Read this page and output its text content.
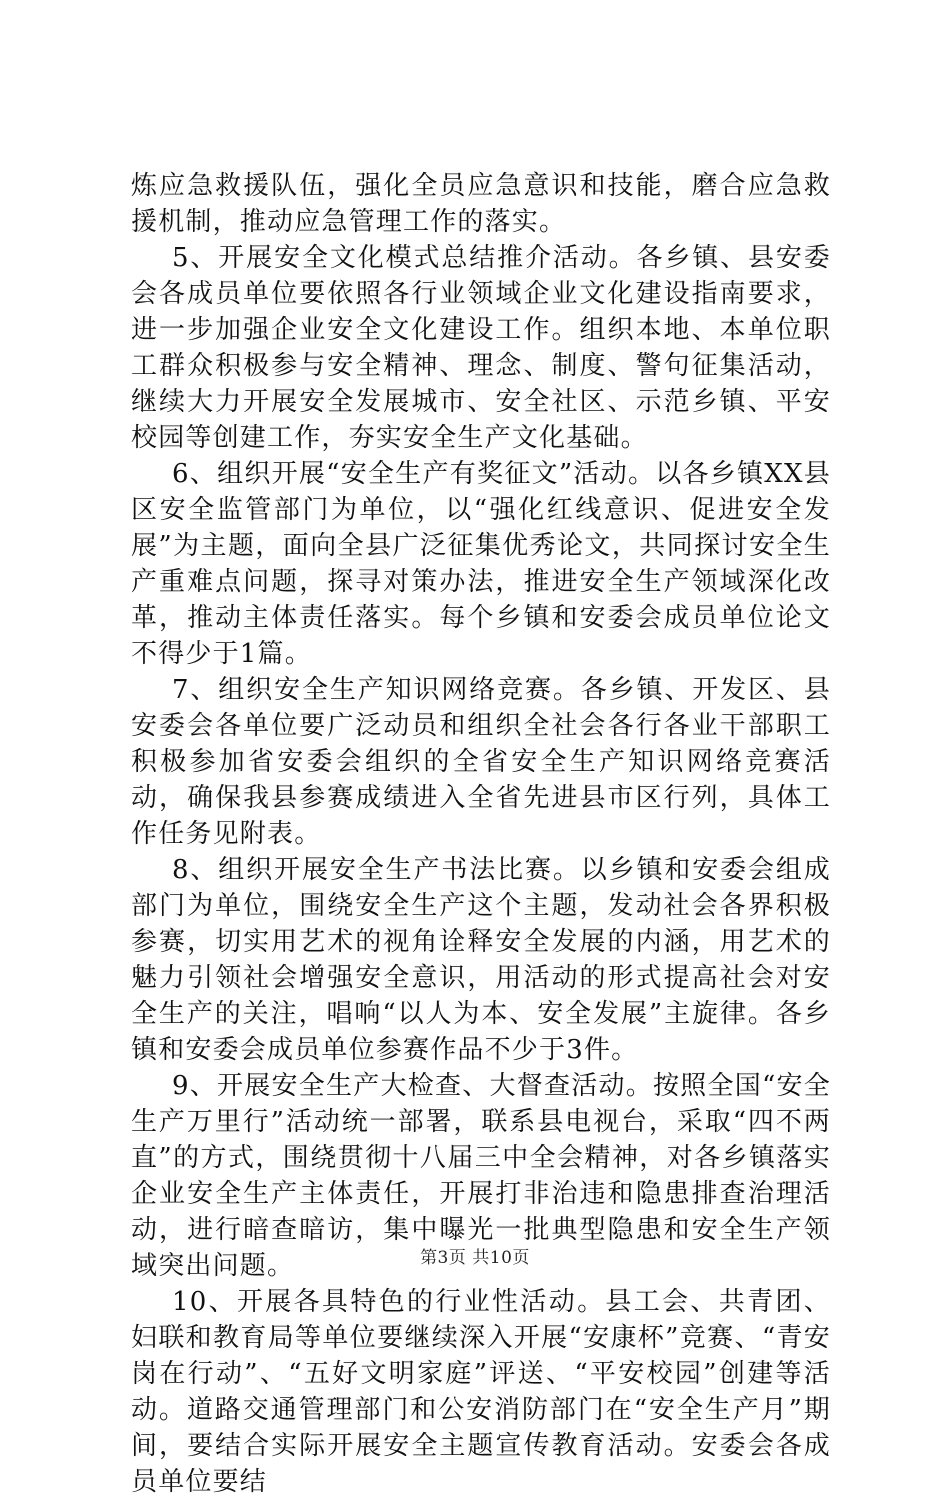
炼应急救援队伍，强化全员应急意识和技能，磨合应急救援机制，推动应急管理工作的落实。

5、开展安全文化模式总结推介活动。各乡镇、县安委会各成员单位要依照各行业领域企业文化建设指南要求，进一步加强企业安全文化建设工作。组织本地、本单位职工群众积极参与安全精神、理念、制度、警句征集活动，继续大力开展安全发展城市、安全社区、示范乡镇、平安校园等创建工作，夯实安全生产文化基础。

6、组织开展“安全生产有奖征文”活动。以各乡镇XX县区安全监管部门为单位，以“强化红线意识、促进安全发展”为主题，面向全县广泛征集优秀论文，共同探讨安全生产重难点问题，探寻对策办法，推进安全生产领域深化改革，推动主体责任落实。每个乡镇和安委会成员单位论文不得少于1篇。

7、组织安全生产知识网络竞赛。各乡镇、开发区、县安委会各单位要广泛动员和组织全社会各行各业干部职工积极参加省安委会组织的全省安全生产知识网络竞赛活动，确保我县参赛成绩进入全省先进县市区行列，具体工作任务见附表。

8、组织开展安全生产书法比赛。以乡镇和安委会组成部门为单位，围绕安全生产这个主题，发动社会各界积极参赛，切实用艺术的视角诠释安全发展的内涵，用艺术的魅力引领社会增强安全意识，用活动的形式提高社会对安全生产的关注，唱响“以人为本、安全发展”主旋律。各乡镇和安委会成员单位参赛作品不少于3件。

9、开展安全生产大检查、大督查活动。按照全国“安全生产万里行”活动统一部署，联系县电视台，采取“四不两直”的方式，围绕贯彻十八届三中全会精神，对各乡镇落实企业安全生产主体责任，开展打非治违和隐患排查治理活动，进行暗查暗访，集中曝光一批典型隐患和安全生产领域突出问题。

10、开展各具特色的行业性活动。县工会、共青团、妇联和教育局等单位要继续深入开展“安康杯”竞赛、“青安岗在行动”、“五好文明家庭”评送、“平安校园”创建等活动。道路交通管理部门和公安消防部门在“安全生产月”期间，要结合实际开展安全主题宣传教育活动。安委会各成员单位要结

第3页 共10页
